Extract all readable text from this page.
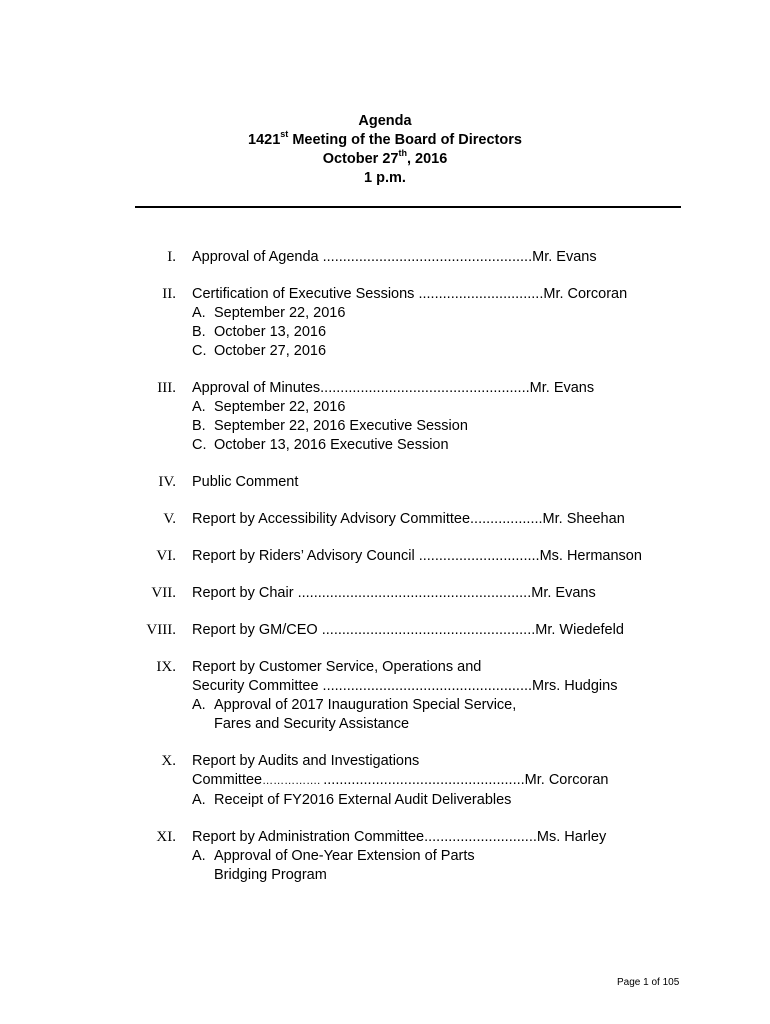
Agenda
1421st Meeting of the Board of Directors
October 27th, 2016
1 p.m.
I. Approval of Agenda ....................................................Mr. Evans
II. Certification of Executive Sessions ...............................Mr. Corcoran
A. September 22, 2016
B. October 13, 2016
C. October 27, 2016
III. Approval of Minutes....................................................Mr. Evans
A. September 22, 2016
B. September 22, 2016 Executive Session
C. October 13, 2016 Executive Session
IV. Public Comment
V. Report by Accessibility Advisory Committee..................Mr. Sheehan
VI. Report by Riders’ Advisory Council ..............................Ms. Hermanson
VII. Report by Chair ..........................................................Mr. Evans
VIII. Report by GM/CEO .....................................................Mr. Wiedefeld
IX. Report by Customer Service, Operations and
Security Committee ....................................................Mrs. Hudgins
A. Approval of 2017 Inauguration Special Service,
Fares and Security Assistance
X. Report by Audits and Investigations
Committee……………. ..................................................Mr. Corcoran
A. Receipt of FY2016 External Audit Deliverables
XI. Report by Administration Committee............................Ms. Harley
A. Approval of One-Year Extension of Parts
Bridging Program
Page 1 of 105
